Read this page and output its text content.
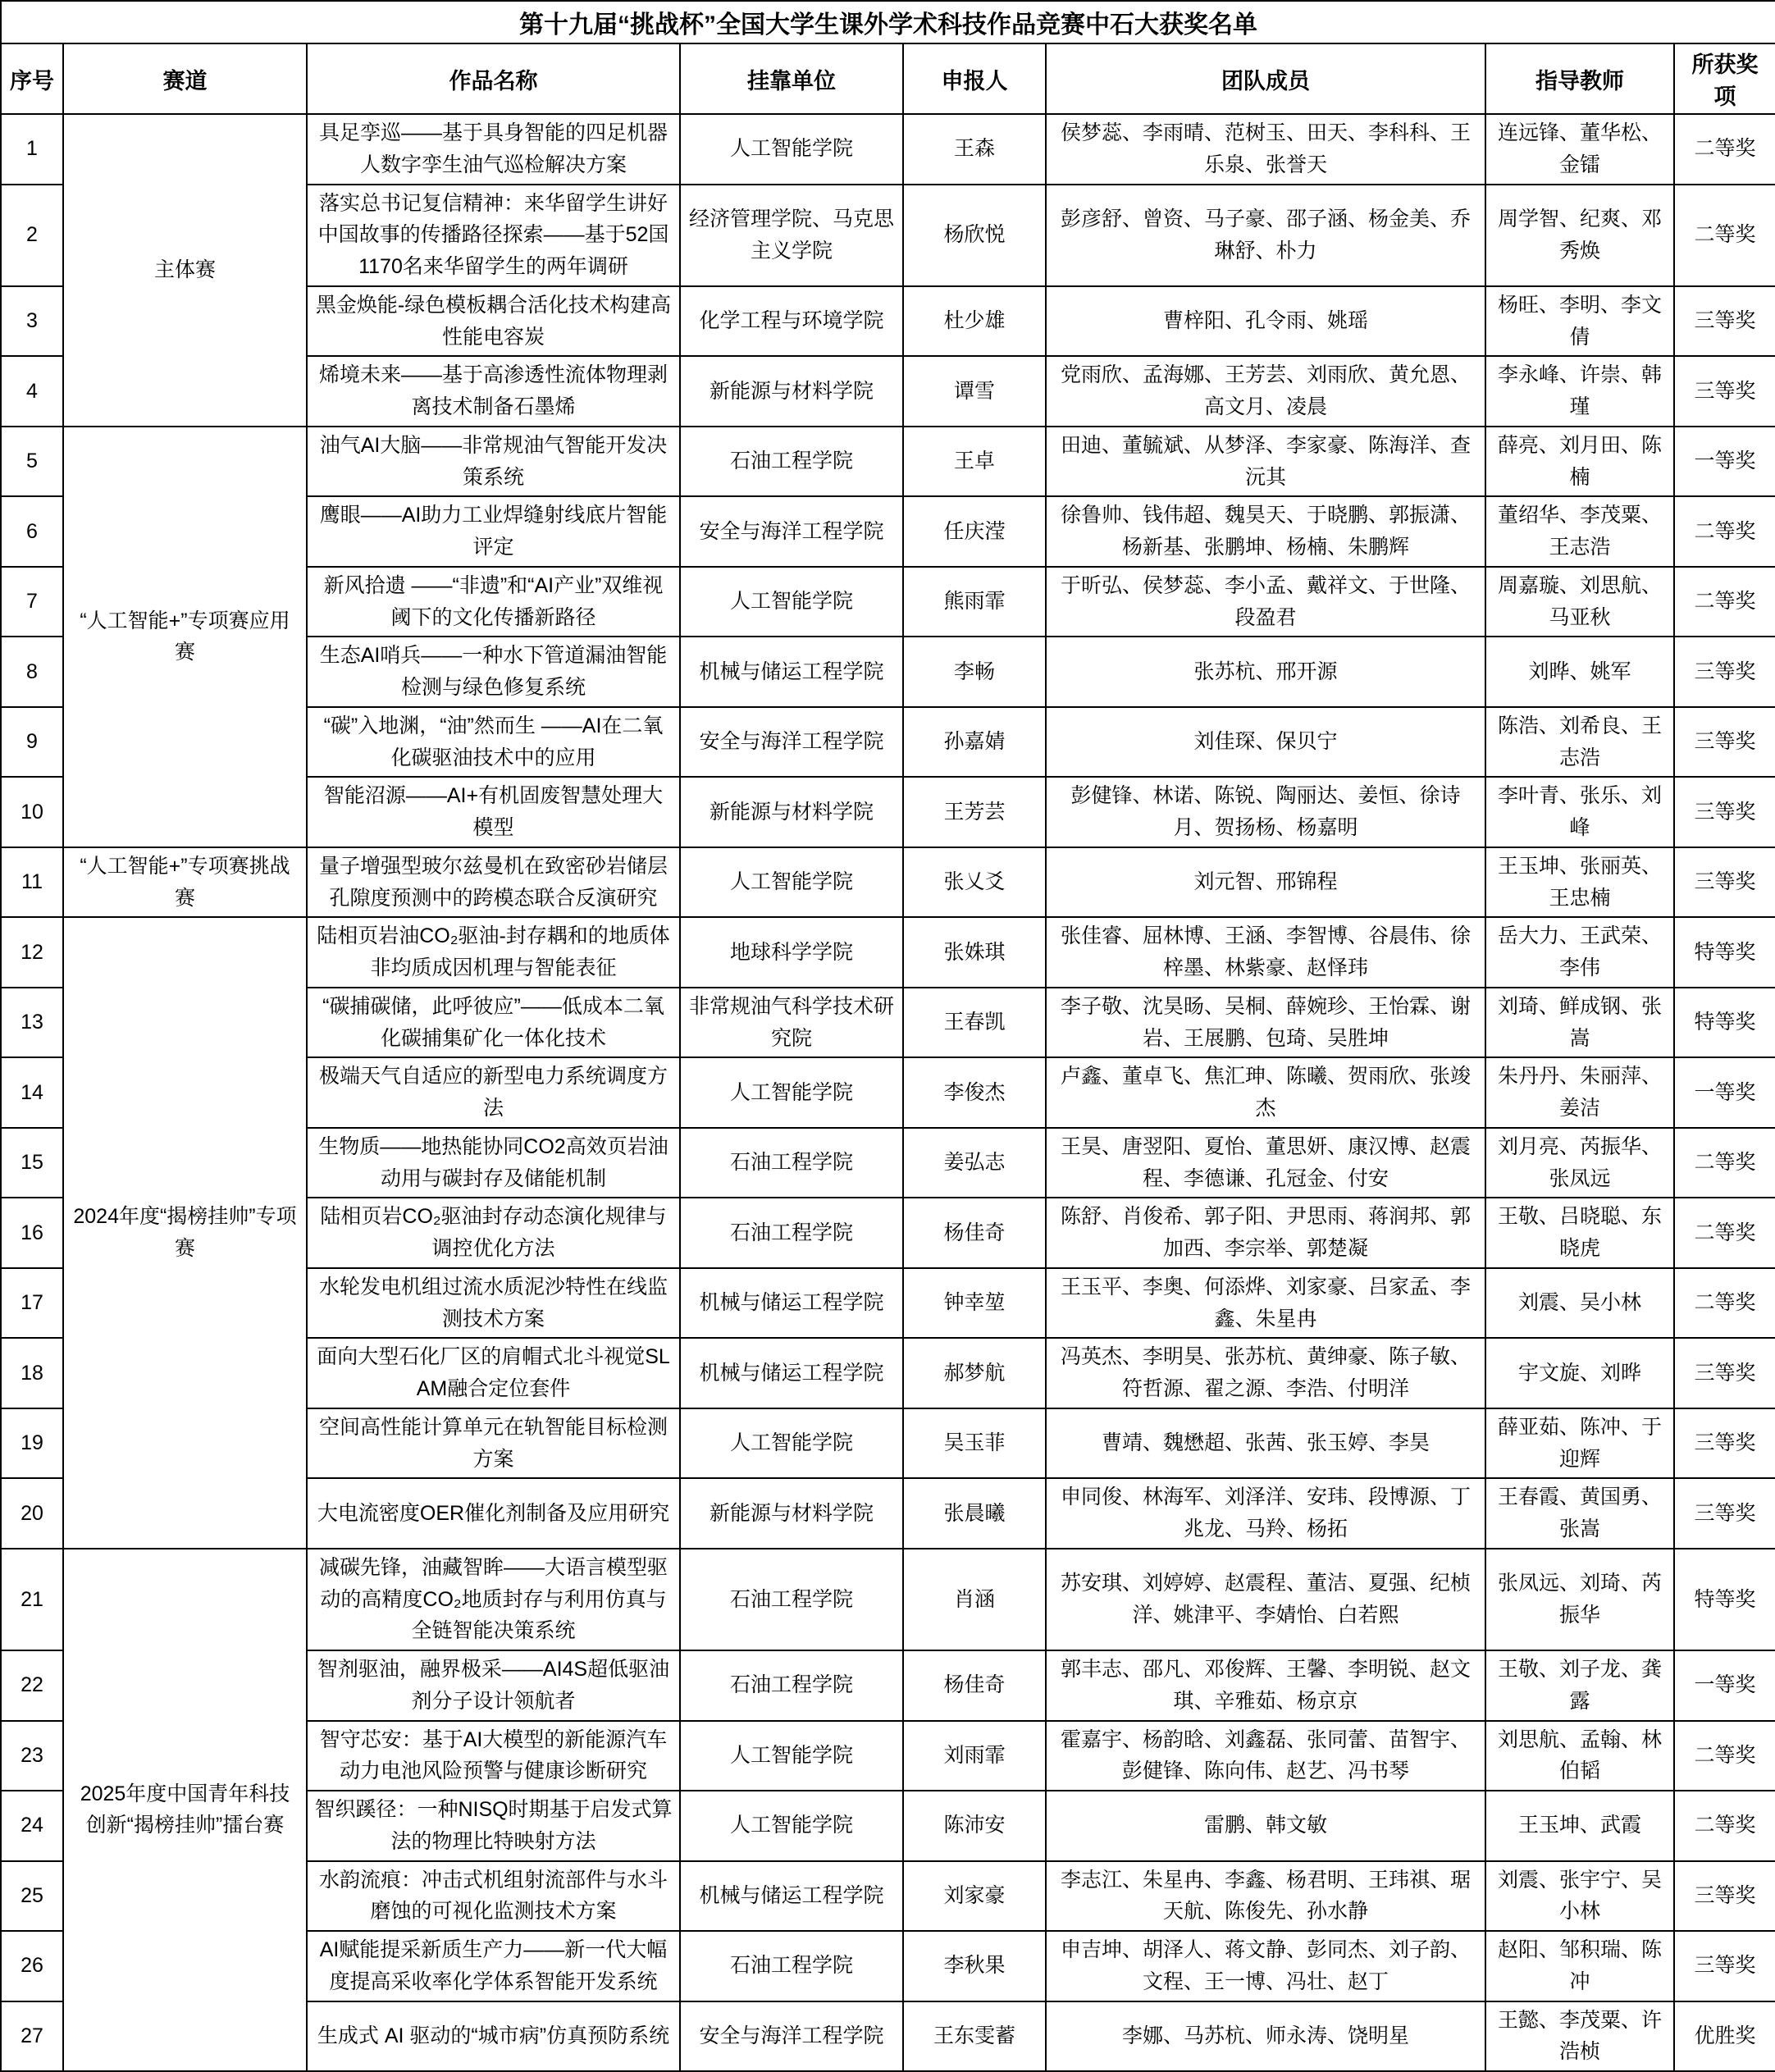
第十九届“挑战杯”全国大学生课外学术科技作品竞赛中石大获奖名单							
序号	赛道	作品名称	挂靠单位	申报人	团队成员	指导教师	所获奖项
1	主体赛	具足孪巡——基于具身智能的四足机器人数字孪生油气巡检解决方案	人工智能学院	王森	侯梦蕊、李雨晴、范树玉、田天、李科科、王乐泉、张誉天	连远锋、董华松、金镭	二等奖
2		落实总书记复信精神：来华留学生讲好中国故事的传播路径探索——基于52国1170名来华留学生的两年调研	经济管理学院、马克思主义学院	杨欣悦	彭彦舒、曾资、马子豪、邵子涵、杨金美、乔琳舒、朴力	周学智、纪爽、邓秀焕	二等奖
3		黑金焕能-绿色模板耦合活化技术构建高性能电容炭	化学工程与环境学院	杜少雄	曹梓阳、孔令雨、姚瑶	杨旺、李明、李文倩	三等奖
4		烯境未来——基于高渗透性流体物理剥离技术制备石墨烯	新能源与材料学院	谭雪	党雨欣、孟海娜、王芳芸、刘雨欣、黄允恩、高文月、凌晨	李永峰、许崇、韩瑾	三等奖
5	“人工智能+”专项赛应用赛	油气AI大脑——非常规油气智能开发决策系统	石油工程学院	王卓	田迪、董毓斌、从梦泽、李家豪、陈海洋、查沅其	薛亮、刘月田、陈楠	一等奖
6		鹰眼——AI助力工业焊缝射线底片智能评定	安全与海洋工程学院	任庆滢	徐鲁帅、钱伟超、魏昊天、于晓鹏、郭振潇、杨新基、张鹏坤、杨楠、朱鹏辉	董绍华、李茂粟、王志浩	二等奖
7		新风拾遗 ——“非遗”和“AI产业”双维视阈下的文化传播新路径	人工智能学院	熊雨霏	于昕弘、侯梦蕊、李小孟、戴祥文、于世隆、段盈君	周嘉璇、刘思航、马亚秋	二等奖
8		生态AI哨兵——一种水下管道漏油智能检测与绿色修复系统	机械与储运工程学院	李畅	张苏杭、邢开源	刘晔、姚军	三等奖
9		“碳”入地渊，“油”然而生 ——AI在二氧化碳驱油技术中的应用	安全与海洋工程学院	孙嘉婧	刘佳琛、保贝宁	陈浩、刘希良、王志浩	三等奖
10		智能沼源——AI+有机固废智慧处理大模型	新能源与材料学院	王芳芸	彭健锋、林诺、陈锐、陶丽达、姜恒、徐诗月、贺扬杨、杨嘉明	李叶青、张乐、刘峰	三等奖
11	“人工智能+”专项赛挑战赛	量子增强型玻尔兹曼机在致密砂岩储层孔隙度预测中的跨模态联合反演研究	人工智能学院	张乂爻	刘元智、邢锦程	王玉坤、张丽英、王忠楠	三等奖
12	2024年度“揭榜挂帅”专项赛	陆相页岩油CO₂驱油-封存耦和的地质体非均质成因机理与智能表征	地球科学学院	张姝琪	张佳睿、屈林博、王涵、李智博、谷晨伟、徐梓墨、林紫豪、赵怿玮	岳大力、王武荣、李伟	特等奖
13		“碳捕碳储，此呼彼应”——低成本二氧化碳捕集矿化一体化技术	非常规油气科学技术研究院	王春凯	李子敬、沈昊旸、吴桐、薛婉珍、王怡霖、谢岩、王展鹏、包琦、吴胜坤	刘琦、鲜成钢、张嵩	特等奖
14		极端天气自适应的新型电力系统调度方法	人工智能学院	李俊杰	卢鑫、董卓飞、焦汇珅、陈曦、贺雨欣、张竣杰	朱丹丹、朱丽萍、姜洁	一等奖
15		生物质——地热能协同CO2高效页岩油动用与碳封存及储能机制	石油工程学院	姜弘志	王昊、唐翌阳、夏怡、董思妍、康汉博、赵震程、李德谦、孔冠金、付安	刘月亮、芮振华、张凤远	二等奖
16		陆相页岩CO₂驱油封存动态演化规律与调控优化方法	石油工程学院	杨佳奇	陈舒、肖俊希、郭子阳、尹思雨、蒋润邦、郭加西、李宗举、郭楚凝	王敬、吕晓聪、东晓虎	二等奖
17		水轮发电机组过流水质泥沙特性在线监测技术方案	机械与储运工程学院	钟幸堃	王玉平、李奥、何添烨、刘家豪、吕家孟、李鑫、朱星冉	刘震、吴小林	二等奖
18		面向大型石化厂区的肩帽式北斗视觉SLAM融合定位套件	机械与储运工程学院	郝梦航	冯英杰、李明昊、张苏杭、黄绅豪、陈子敏、符哲源、翟之源、李浩、付明洋	宇文旋、刘晔	三等奖
19		空间高性能计算单元在轨智能目标检测方案	人工智能学院	吴玉菲	曹靖、魏懋超、张茜、张玉婷、李昊	薛亚茹、陈冲、于迎辉	三等奖
20		大电流密度OER催化剂制备及应用研究	新能源与材料学院	张晨曦	申同俊、林海军、刘泽洋、安玮、段博源、丁兆龙、马羚、杨拓	王春霞、黄国勇、张嵩	三等奖
21	2025年度中国青年科技创新“揭榜挂帅”擂台赛	减碳先锋，油藏智眸——大语言模型驱动的高精度CO₂地质封存与利用仿真与全链智能决策系统	石油工程学院	肖涵	苏安琪、刘婷婷、赵震程、董洁、夏强、纪桢洋、姚津平、李婧怡、白若熙	张凤远、刘琦、芮振华	特等奖
22		智剂驱油，融界极采——AI4S超低驱油剂分子设计领航者	石油工程学院	杨佳奇	郭丰志、邵凡、邓俊辉、王馨、李明锐、赵文琪、辛雅茹、杨京京	王敬、刘子龙、龚露	一等奖
23		智守芯安：基于AI大模型的新能源汽车动力电池风险预警与健康诊断研究	人工智能学院	刘雨霏	霍嘉宇、杨韵晗、刘鑫磊、张同蕾、苗智宇、彭健锋、陈向伟、赵艺、冯书琴	刘思航、孟翰、林伯韬	二等奖
24		智织蹊径：一种NISQ时期基于启发式算法的物理比特映射方法	人工智能学院	陈沛安	雷鹏、韩文敏	王玉坤、武霞	二等奖
25		水韵流痕：冲击式机组射流部件与水斗磨蚀的可视化监测技术方案	机械与储运工程学院	刘家豪	李志江、朱星冉、李鑫、杨君明、王玮祺、琚天航、陈俊先、孙水静	刘震、张宇宁、吴小林	三等奖
26		AI赋能提采新质生产力——新一代大幅度提高采收率化学体系智能开发系统	石油工程学院	李秋果	申吉坤、胡泽人、蒋文静、彭同杰、刘子韵、文程、王一博、冯壮、赵丁	赵阳、邹积瑞、陈冲	三等奖
27		生成式 AI 驱动的“城市病”仿真预防系统	安全与海洋工程学院	王东雯蓄	李娜、马苏杭、师永涛、饶明星	王懿、李茂粟、许浩桢	优胜奖
